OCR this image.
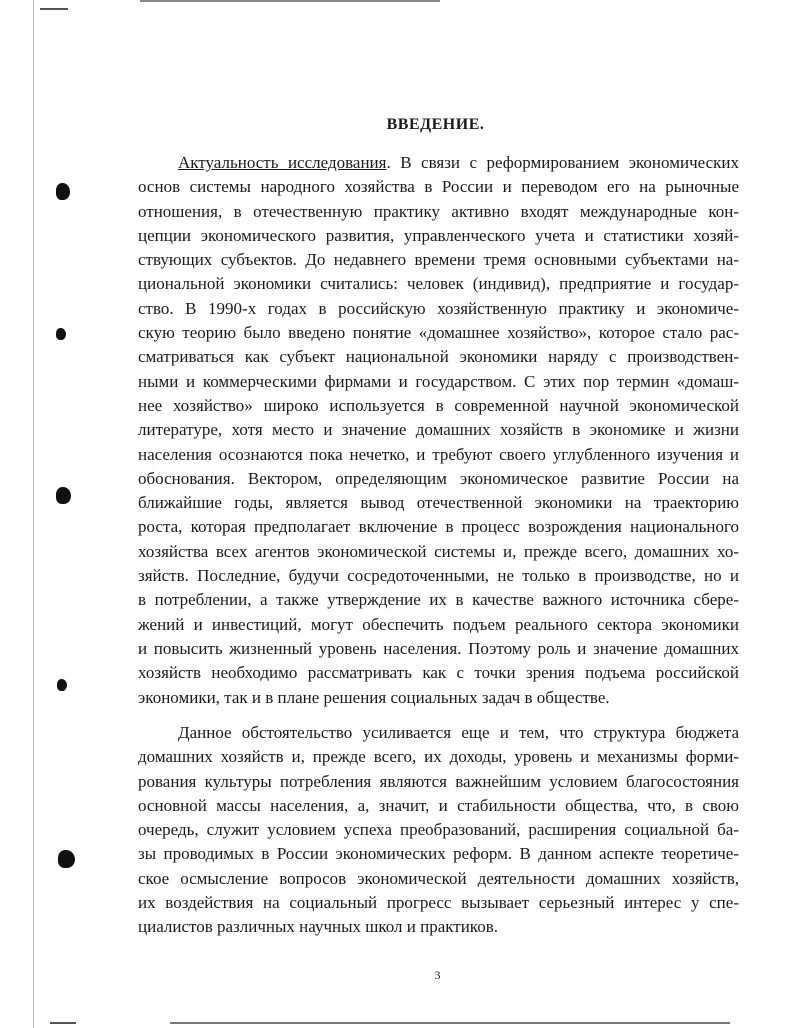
ВВЕДЕНИЕ.
Актуальность исследования. В связи с реформированием экономических
основ системы народного хозяйства в России и переводом его на рыночные
отношения, в отечественную практику активно входят международные кон-
цепции экономического развития, управленческого учета и статистики хозяй-
ствующих субъектов. До недавнего времени тремя основными субъектами на-
циональной экономики считались: человек (индивид), предприятие и государ-
ство. В 1990-х годах в российскую хозяйственную практику и экономиче-
скую теорию было введено понятие «домашнее хозяйство», которое стало рас-
сматриваться как субъект национальной экономики наряду с производствен-
ными и коммерческими фирмами и государством. С этих пор термин «домаш-
нее хозяйство» широко используется в современной научной экономической
литературе, хотя место и значение домашних хозяйств в экономике и жизни
населения осознаются пока нечетко, и требуют своего углубленного изучения и
обоснования. Вектором, определяющим экономическое развитие России на
ближайшие годы, является вывод отечественной экономики на траекторию
роста, которая предполагает включение в процесс возрождения национального
хозяйства всех агентов экономической системы и, прежде всего, домашних хо-
зяйств. Последние, будучи сосредоточенными, не только в производстве, но и
в потреблении, а также утверждение их в качестве важного источника сбере-
жений и инвестиций, могут обеспечить подъем реального сектора экономики
и повысить жизненный уровень населения. Поэтому роль и значение домашних
хозяйств необходимо рассматривать как с точки зрения подъема российской
экономики, так и в плане решения социальных задач в обществе.
Данное обстоятельство усиливается еще и тем, что структура бюджета
домашних хозяйств и, прежде всего, их доходы, уровень и механизмы форми-
рования культуры потребления являются важнейшим условием благосостояния
основной массы населения, а, значит, и стабильности общества, что, в свою
очередь, служит условием успеха преобразований, расширения социальной ба-
зы проводимых в России экономических реформ. В данном аспекте теоретиче-
ское осмысление вопросов экономической деятельности домашних хозяйств,
их воздействия на социальный прогресс вызывает серьезный интерес у спе-
циалистов различных научных школ и практиков.
3
